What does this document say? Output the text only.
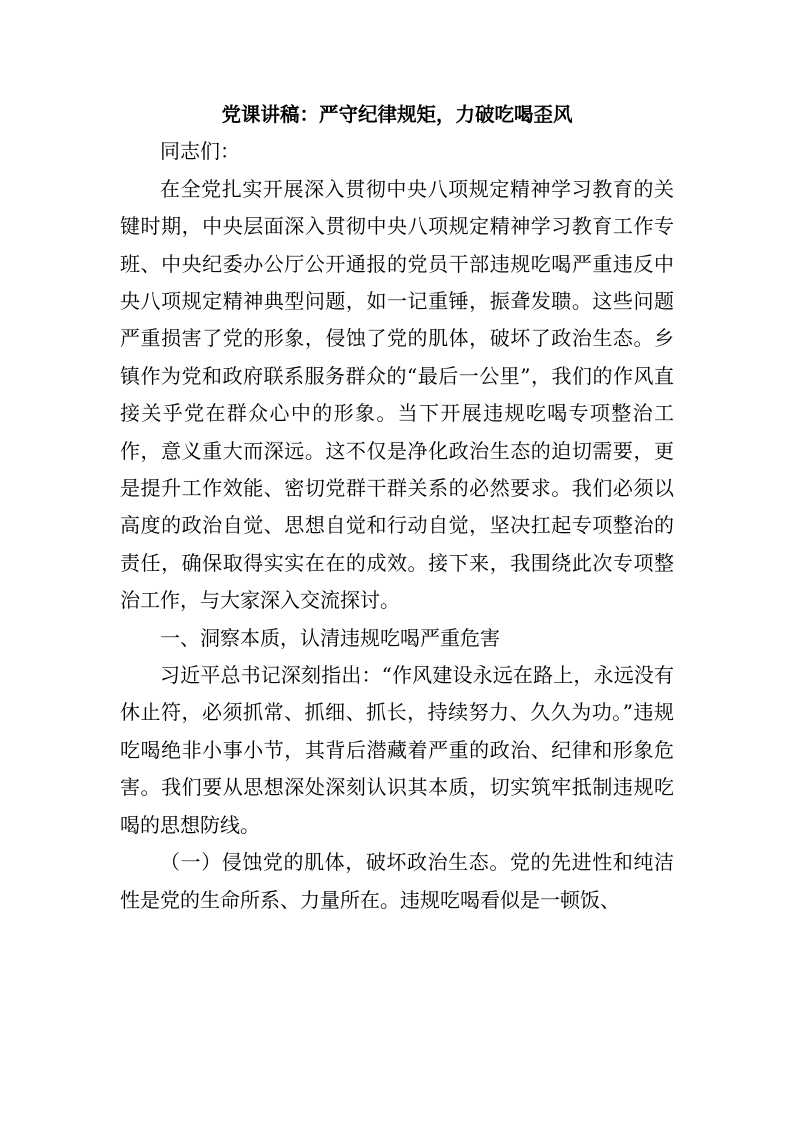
党课讲稿：严守纪律规矩，力破吃喝歪风

同志们：

在全党扎实开展深入贯彻中央八项规定精神学习教育的关键时期，中央层面深入贯彻中央八项规定精神学习教育工作专班、中央纪委办公厅公开通报的党员干部违规吃喝严重违反中央八项规定精神典型问题，如一记重锤，振聋发聩。这些问题严重损害了党的形象，侵蚀了党的肌体，破坏了政治生态。乡镇作为党和政府联系服务群众的“最后一公里”，我们的作风直接关乎党在群众心中的形象。当下开展违规吃喝专项整治工作，意义重大而深远。这不仅是净化政治生态的迫切需要，更是提升工作效能、密切党群干群关系的必然要求。我们必须以高度的政治自觉、思想自觉和行动自觉，坚决扛起专项整治的责任，确保取得实实在在的成效。接下来，我围绕此次专项整治工作，与大家深入交流探讨。

一、洞察本质，认清违规吃喝严重危害

习近平总书记深刻指出：“作风建设永远在路上，永远没有休止符，必须抓常、抓细、抓长，持续努力、久久为功。”违规吃喝绝非小事小节，其背后潜藏着严重的政治、纪律和形象危害。我们要从思想深处深刻认识其本质，切实筑牢抵制违规吃喝的思想防线。

（一）侵蚀党的肌体，破坏政治生态。党的先进性和纯洁性是党的生命所系、力量所在。违规吃喝看似是一顿饭、
